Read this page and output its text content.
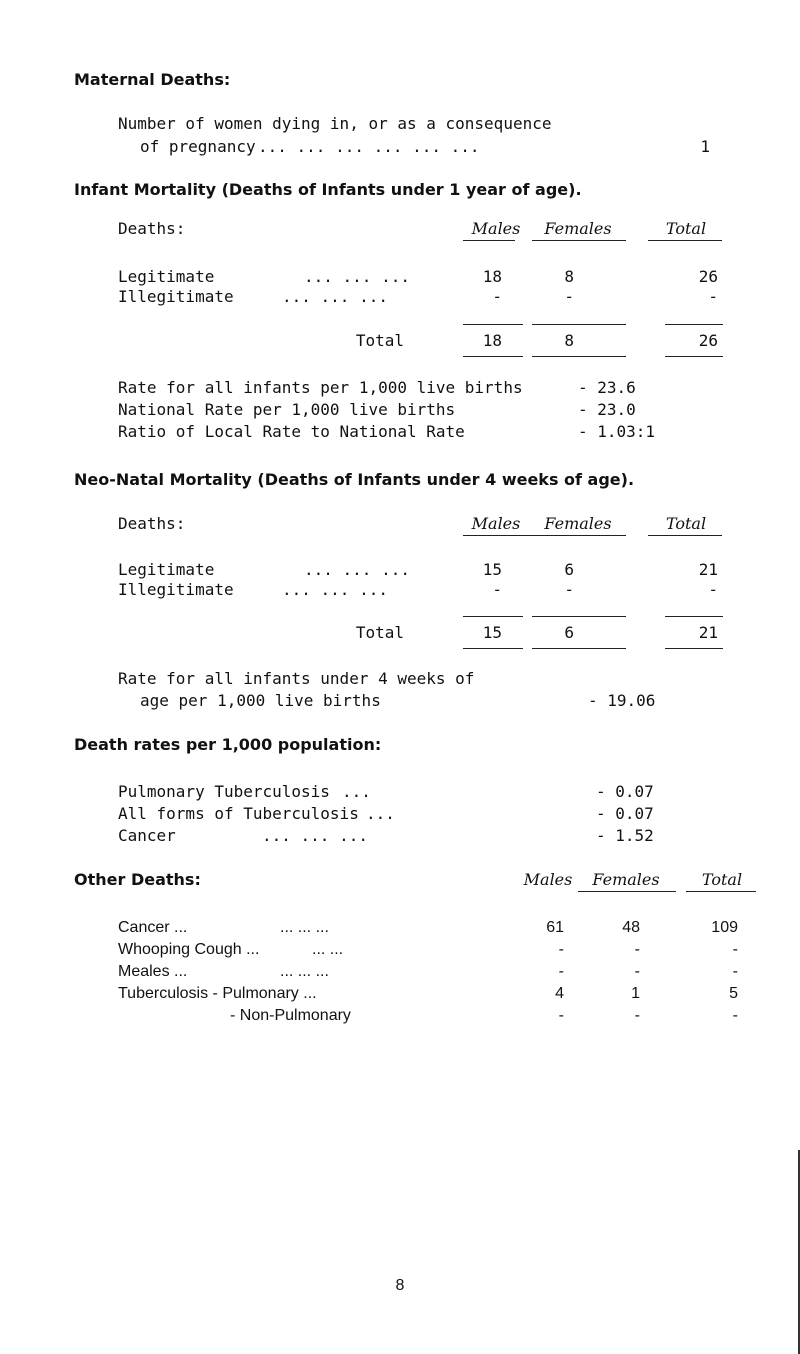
Maternal Deaths:
Number of women dying in, or as a consequence
of pregnancy ... ... ... ... ... ...	1
Infant Mortality (Deaths of Infants under 1 year of age).
Deaths:	Males	Females	Total
Legitimate	... ... ...	18	8	26
Illegitimate	... ... ...	-	-	-
Total	18	8	26
Rate for all infants per 1,000 live births	- 23.6
National Rate per 1,000 live births	- 23.0
Ratio of Local Rate to National Rate	- 1.03:1
Neo-Natal Mortality (Deaths of Infants under 4 weeks of age).
Deaths:	Males	Females	Total
Legitimate	... ... ...	15	6	21
Illegitimate	... ... ...	-	-	-
Total	15	6	21
Rate for all infants under 4 weeks of
age per 1,000 live births	- 19.06
Death rates per 1,000 population:
Pulmonary Tuberculosis ...	- 0.07
All forms of Tuberculosis ...	- 0.07
Cancer	... ... ...	- 1.52
Other Deaths:	Males	Females	Total
Cancer ...	... ... ...	61	48	109
Whooping Cough ...	... ...	-	-	-
Meales ...	... ... ...	-	-	-
Tuberculosis - Pulmonary ...	4	1	5
- Non-Pulmonary	-	-	-
8
